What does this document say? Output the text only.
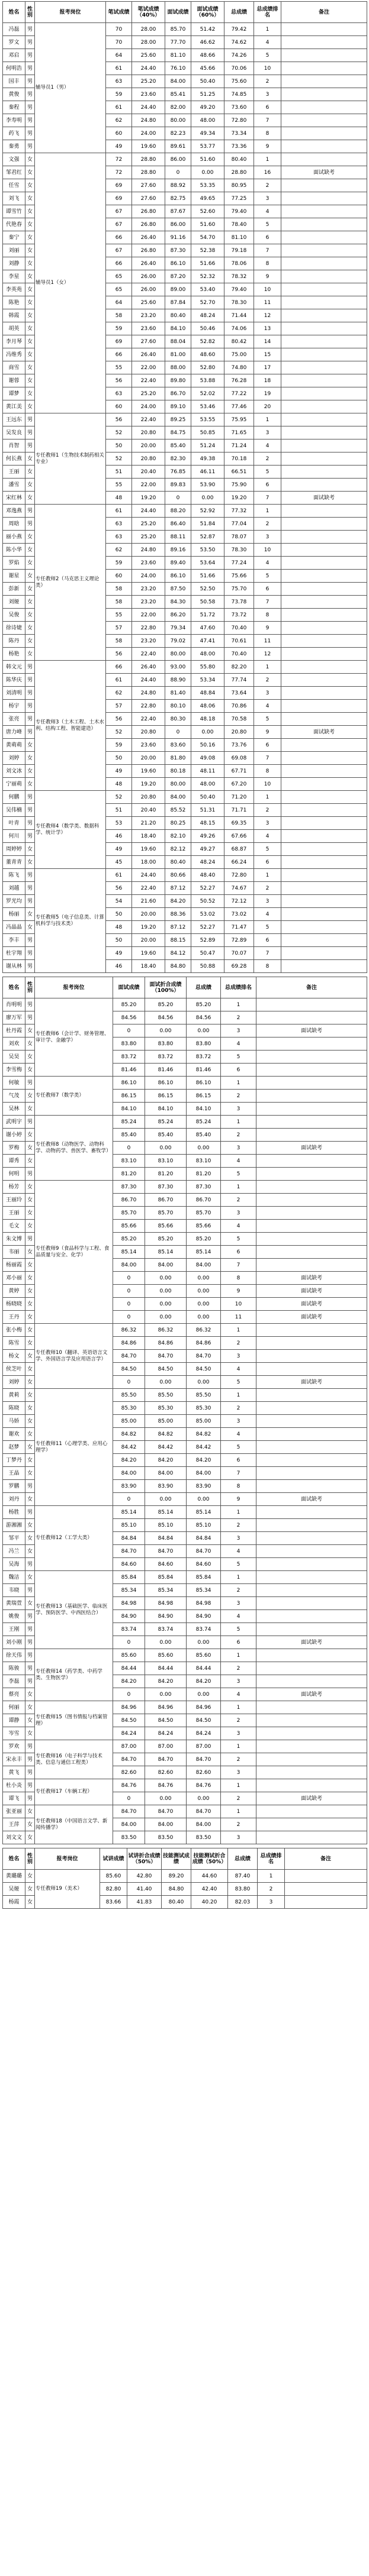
姓名	性别	报考岗位	笔试成绩	笔试成绩（40%）	面试成绩	面试成绩（60%）	总成绩	总成绩排名	备注
冯磊	男	辅导员1（男）	70	28.00	85.70	51.42	79.42	1	
罗文	男		70	28.00	77.70	46.62	74.62	4	
邓启	男		64	25.60	81.10	48.66	74.26	5	
何明浩	男		61	24.40	76.10	45.66	70.06	10	
国丰	男		63	25.20	84.00	50.40	75.60	2	
黄俊	男		59	23.60	85.41	51.25	74.85	3	
秦程	男		61	24.40	82.00	49.20	73.60	6	
李寿明	男		62	24.80	80.00	48.00	72.80	7	
药飞	男		60	24.00	82.23	49.34	73.34	8	
秦勇	男		49	19.60	89.61	53.77	73.36	9	
文强	女	辅导员1（女）	72	28.80	86.00	51.60	80.40	1	
邹君红	女		72	28.80	0	0.00	28.80	16	面试缺考
任雪	女		69	27.60	88.92	53.35	80.95	2	
刘飞	女		69	27.60	82.75	49.65	77.25	3	
谭雪竹	女		67	26.80	87.67	52.60	79.40	4	
代艳春	女		67	26.80	86.00	51.60	78.40	5	
秦宁	女		66	26.40	91.16	54.70	81.10	6	
刘丽	女		67	26.80	87.30	52.38	79.18	7	
刘静	女		66	26.40	86.10	51.66	78.06	8	
李星	女		65	26.00	87.20	52.32	78.32	9	
李英苑	女		65	26.00	89.00	53.40	79.40	10	
陈艳	女		64	25.60	87.84	52.70	78.30	11	
韩霞	女		58	23.20	80.40	48.24	71.44	12	
胡英	女		59	23.60	84.10	50.46	74.06	13	
李月琴	女		69	27.60	88.04	52.82	80.42	14	
冯维秀	女		66	26.40	81.00	48.60	75.00	15	
商雪	女		55	22.00	88.00	52.80	74.80	17	
谢蓉	女		56	22.40	89.80	53.88	76.28	18	
谭梦	女		63	25.20	86.70	52.02	77.22	19	
黄江美	女		60	24.00	89.10	53.46	77.46	20	
王远东	男	专任教师1（生物技术制药相关专业）	56	22.40	89.25	53.55	75.95	1	
吴发良	男		52	20.80	84.75	50.85	71.65	3	
肖智	男		50	20.00	85.40	51.24	71.24	4	
何长燕	女		52	20.80	82.30	49.38	70.18	2	
王丽	女		51	20.40	76.85	46.11	66.51	5	
潘雪	女		55	22.00	89.83	53.90	75.90	6	
宋红林	女		48	19.20	0	0.00	19.20	7	面试缺考
邓逸燕	男	专任教师2（马克思主义理论类）	61	24.40	88.20	52.92	77.32	1	
周晗	男		63	25.20	86.40	51.84	77.04	2	
丽小燕	女		63	25.20	88.11	52.87	78.07	3	
陈小华	女		62	24.80	89.16	53.50	78.30	10	
罗焰	女		59	23.60	89.40	53.64	77.24	4	
谢星	女		60	24.00	86.10	51.66	75.66	5	
彭新	女		58	23.20	87.50	52.50	75.70	6	
刘娅	女		58	23.20	84.30	50.58	73.78	7	
吴俊	女		55	22.00	86.20	51.72	73.72	8	
徐诗婕	女		57	22.80	79.34	47.60	70.40	9	
陈丹	女		58	23.20	79.02	47.41	70.61	11	
杨艳	女		56	22.40	80.00	48.00	70.40	12	
韩文元	男	专任教师3（土木工程、土木水利、结构工程、智能建造）	66	26.40	93.00	55.80	82.20	1	
陈华庆	男		61	24.40	88.90	53.34	77.74	2	
刘清明	男		62	24.80	81.40	48.84	73.64	3	
杨宇	男		57	22.80	80.10	48.06	70.86	4	
张亮	男		56	22.40	80.30	48.18	70.58	5	
唐力峰	男		52	20.80	0	0.00	20.80	9	面试缺考
黄萌萌	女		59	23.60	83.60	50.16	73.76	6	
刘婷	女		50	20.00	81.80	49.08	69.08	7	
刘文冰	女		49	19.60	80.18	48.11	67.71	8	
宁丽萌	女		48	19.20	80.00	48.00	67.20	10	
何鹏	男	专任教师4（数学类、数据科学、统计学）	52	20.80	84.00	50.40	71.20	1	
吴伟楠	男		51	20.40	85.52	51.31	71.71	2	
叶青	男		53	21.20	80.25	48.15	69.35	3	
何川	男		46	18.40	82.10	49.26	67.66	4	
周婷婷	女		49	19.60	82.12	49.27	68.87	5	
董青青	女		45	18.00	80.40	48.24	66.24	6	
陈飞	男	专任教师5（电子信息类、计算机科学与技术类）	61	24.40	80.66	48.40	72.80	1	
刘越	男		56	22.40	87.12	52.27	74.67	2	
罗光均	男		54	21.60	84.20	50.52	72.12	3	
杨丽	女		50	20.00	88.36	53.02	73.02	4	
冯晶晶	女		48	19.20	87.12	52.27	71.47	5	
李丰	男		50	20.00	88.15	52.89	72.89	6	
杜宇翔	男		49	19.60	84.12	50.47	70.07	7	
谢从林	男		46	18.40	84.80	50.88	69.28	8	
姓名	性别	报考岗位	面试成绩	面试折合成绩（100%）	总成绩	总成绩排名	备注
肖明明	男	专任教师6（会计学、财务管理、审计学、金融学）	85.20	85.20	85.20	1	
廖万军	男		84.56	84.56	84.56	2	
杜丹霞	女		0	0.00	0.00	3	面试缺考
刘欢	女		83.80	83.80	83.80	4	
吴昊	女		83.72	83.72	83.72	5	
李雪梅	女		81.46	81.46	81.46	6	
何敏	男	专任教师7（数学类）	86.10	86.10	86.10	1	
气茂	女		86.15	86.15	86.15	2	
吴林	女		84.10	84.10	84.10	3	
武明宇	男	专任教师8（动物医学、动物科学、动物药学、兽医学、畜牧学）	85.24	85.24	85.24	1	
谢小婷	女		85.40	85.40	85.40	2	
罗梅	女		0	0.00	0.00	3	面试缺考
谭秀	女		83.10	83.10	83.10	4	
何明	男		81.20	81.20	81.20	5	
杨芳	女	专任教师9（食品科学与工程、食品质量与安全、化学）	87.30	87.30	87.30	1	
王丽玲	女		86.70	86.70	86.70	2	
王丽	女		85.70	85.70	85.70	3	
毛文	女		85.66	85.66	85.66	4	
朱文博	男		85.20	85.20	85.20	5	
韦丽	女		85.14	85.14	85.14	6	
杨丽霞	女		84.00	84.00	84.00	7	
邓小丽	女		0	0.00	0.00	8	面试缺考
黄婷	女		0	0.00	0.00	9	面试缺考
杨晓晓	女		0	0.00	0.00	10	面试缺考
王丹	女		0	0.00	0.00	11	面试缺考
张小梅	女	专任教师10（翻译、英语语言文学、外国语言学及应用语言学）	86.32	86.32	86.32	1	
陈雪	女		84.86	84.86	84.86	2	
杨文	女		84.70	84.70	84.70	3	
侯芝叶	女		84.50	84.50	84.50	4	
刘婷	女		0	0.00	0.00	5	面试缺考
黄莉	女	专任教师11（心理学类、应用心理学）	85.50	85.50	85.50	1	
陈晓	女		85.30	85.30	85.30	2	
马娇	女		85.00	85.00	85.00	3	
谢欢	女		84.82	84.82	84.82	4	
赵梦	女		84.42	84.42	84.42	5	
丁梦丹	女		84.20	84.20	84.20	6	
王晶	女		84.00	84.00	84.00	7	
罗鹏	男		83.90	83.90	83.90	8	
刘丹	女		0	0.00	0.00	9	面试缺考
杨胜	男	专任教师12（工学大类）	85.14	85.14	85.14	1	
游湘湘	女		85.10	85.10	85.10	2	
邹平	女		84.84	84.84	84.84	3	
冯兰	女		84.70	84.70	84.70	4	
吴海	男		84.60	84.60	84.60	5	
魏洁	女	专任教师13（基础医学、临床医学、预防医学、中西医结合）	85.84	85.84	85.84	1	
韦晓	男		85.34	85.34	85.34	2	
黄瑞萱	女		84.98	84.98	84.98	3	
姚俊	男		84.90	84.90	84.90	4	
王刚	男		83.74	83.74	83.74	5	
刘小刚	男		0	0.00	0.00	6	面试缺考
徐天伟	男	专任教师14（药学类、中药学类、生物医学）	85.60	85.60	85.60	1	
陈骏	男		84.44	84.44	84.44	2	
李磊	男		84.20	84.20	84.20	3	
蔡亮	女		0	0.00	0.00	4	面试缺考
何丽	女	专任教师15（图书情报与档案管理）	84.96	84.96	84.96	1	
谭静	女		84.50	84.50	84.50	2	
岑雪	女		84.24	84.24	84.24	3	
罗欢	男	专任教师16（电子科学与技术类、信息与通信工程类）	87.00	87.00	87.00	1	
宋永丰	男		84.70	84.70	84.70	2	
黄飞	男		82.60	82.60	82.60	3	
杜小炎	男	专任教师17（车辆工程）	84.76	84.76	84.76	1	
谭飞	男		0	0.00	0.00	2	面试缺考
张亚丽	女	专任教师18（中国语言文学、新闻传播学）	84.70	84.70	84.70	1	
王萍	女		84.00	84.00	84.00	2	
刘文文	女		83.50	83.50	83.50	3	
姓名	性别	报考岗位	试讲成绩	试讲折合成绩（50%）	技能测试成绩	技能测试折合成绩（50%）	总成绩	总成绩排名	备注
黄璐璐	女	专任教师19（美术）	85.60	42.80	89.20	44.60	87.40	1	
吴娅	女		82.80	41.40	84.80	42.40	83.80	2	
杨霞	女		83.66	41.83	80.40	40.20	82.03	3	
